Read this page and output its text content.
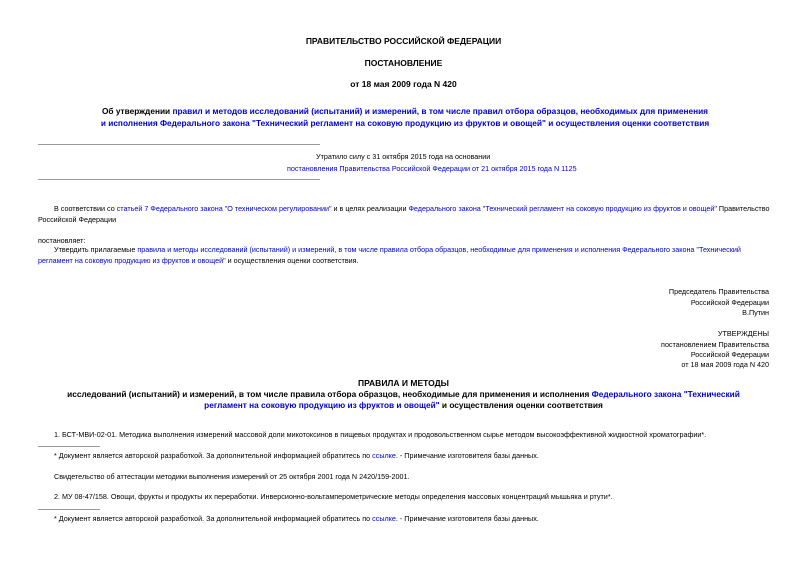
ПРАВИТЕЛЬСТВО РОССИЙСКОЙ ФЕДЕРАЦИИ
ПОСТАНОВЛЕНИЕ
от 18 мая 2009 года N 420
Об утверждении правил и методов исследований (испытаний) и измерений, в том числе правил отбора образцов, необходимых для применения и исполнения Федерального закона "Технический регламент на соковую продукцию из фруктов и овощей" и осуществления оценки соответствия
Утратило силу с 31 октября 2015 года на основании
постановления Правительства Российской Федерации от 21 октября 2015 года N 1125
В соответствии со статьей 7 Федерального закона "О техническом регулировании" и в целях реализации Федерального закона "Технический регламент на соковую продукцию из фруктов и овощей" Правительство
Российской Федерации
постановляет:
Утвердить прилагаемые правила и методы исследований (испытаний) и измерений, в том числе правила отбора образцов, необходимые для применения и исполнения Федерального закона "Технический
регламент на соковую продукцию из фруктов и овощей" и осуществления оценки соответствия.
Председатель Правительства
Российской Федерации
В.Путин
УТВЕРЖДЕНЫ
постановлением Правительства
Российской Федерации
от 18 мая 2009 года N 420
ПРАВИЛА И МЕТОДЫ
исследований (испытаний) и измерений, в том числе правила отбора образцов, необходимые для применения и исполнения Федерального закона "Технический
регламент на соковую продукцию из фруктов и овощей" и осуществления оценки соответствия
1. БСТ-МВИ-02-01. Методика выполнения измерений массовой доли микотоксинов в пищевых продуктах и продовольственном сырье методом высокоэффективной жидкостной хроматографии*.
* Документ является авторской разработкой. За дополнительной информацией обратитесь по ссылке. - Примечание изготовителя базы данных.
Свидетельство об аттестации методики выполнения измерений от 25 октября 2001 года N 2420/159-2001.
2. МУ 08-47/158. Овощи, фрукты и продукты их переработки. Инверсионно-вольтамперометрические методы определения массовых концентраций мышьяка и ртути*.
* Документ является авторской разработкой. За дополнительной информацией обратитесь по ссылке. - Примечание изготовителя базы данных.
